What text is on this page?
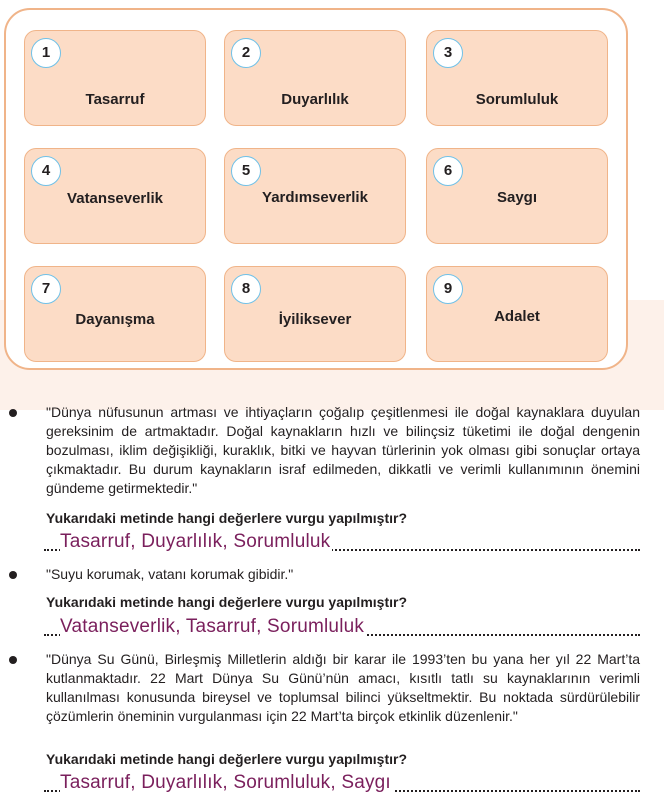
1
Tasarruf
2
Duyarlılık
3
Sorumluluk
4
Vatanseverlik
5
Yardımseverlik
6
Saygı
7
Dayanışma
8
İyiliksever
9
Adalet
"Dünya nüfusunun artması ve ihtiyaçların çoğalıp çeşitlenmesi ile doğal kaynaklara duyulan gereksinim de artmaktadır. Doğal kaynakların hızlı ve bilinçsiz tüketimi ile doğal dengenin bozulması, iklim değişikliği, kuraklık, bitki ve hayvan türlerinin yok olması gibi sonuçlar ortaya çıkmaktadır. Bu durum kaynakların israf edilmeden, dikkatli ve verimli kullanımının önemini gündeme getirmektedir."
Yukarıdaki metinde hangi değerlere vurgu yapılmıştır?
Tasarruf, Duyarlılık, Sorumluluk
"Suyu korumak, vatanı korumak gibidir."
Yukarıdaki metinde hangi değerlere vurgu yapılmıştır?
Vatanseverlik, Tasarruf, Sorumluluk
"Dünya Su Günü, Birleşmiş Milletlerin aldığı bir karar ile 1993’ten bu yana her yıl 22 Mart’ta kutlanmaktadır. 22 Mart Dünya Su Günü’nün amacı, kısıtlı tatlı su kaynaklarının verimli kullanılması konusunda bireysel ve toplumsal bilinci yükseltmektir. Bu noktada sürdürülebilir çözümlerin öneminin vurgulanması için 22 Mart’ta birçok etkinlik düzenlenir."
Yukarıdaki metinde hangi değerlere vurgu yapılmıştır?
Tasarruf, Duyarlılık, Sorumluluk, Saygı
